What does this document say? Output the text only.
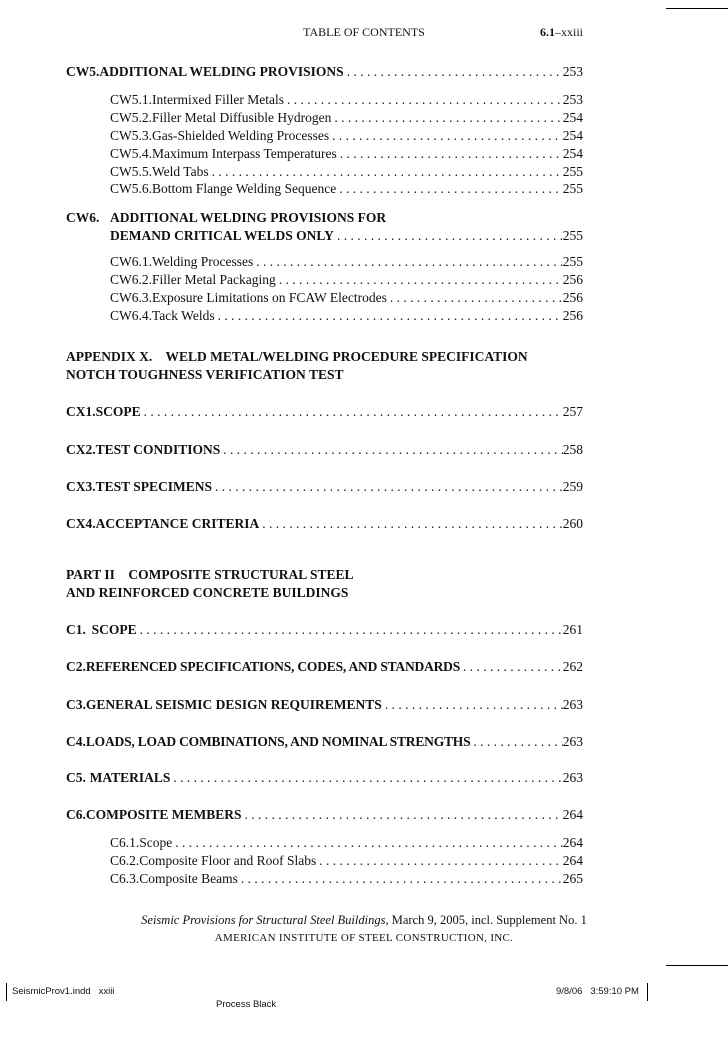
TABLE OF CONTENTS	6.1–xxiii
CW5. ADDITIONAL WELDING PROVISIONS . . .	253
CW5.1. Intermixed Filler Metals . . .	253
CW5.2. Filler Metal Diffusible Hydrogen . . .	254
CW5.3. Gas-Shielded Welding Processes . . .	254
CW5.4. Maximum Interpass Temperatures . . .	254
CW5.5. Weld Tabs . . .	255
CW5.6. Bottom Flange Welding Sequence . . .	255
CW6. ADDITIONAL WELDING PROVISIONS FOR
DEMAND CRITICAL WELDS ONLY . . .	255
CW6.1. Welding Processes . . .	255
CW6.2. Filler Metal Packaging . . .	256
CW6.3. Exposure Limitations on FCAW Electrodes . . .	256
CW6.4. Tack Welds . . .	256
APPENDIX X.    WELD METAL/WELDING PROCEDURE SPECIFICATION
NOTCH TOUGHNESS VERIFICATION TEST
CX1. SCOPE . . .	257
CX2. TEST CONDITIONS . . .	258
CX3. TEST SPECIMENS . . .	259
CX4. ACCEPTANCE CRITERIA . . .	260
PART II    COMPOSITE STRUCTURAL STEEL
AND REINFORCED CONCRETE BUILDINGS
C1. SCOPE . . .	261
C2. REFERENCED SPECIFICATIONS, CODES, AND STANDARDS . . .	262
C3. GENERAL SEISMIC DESIGN REQUIREMENTS . . .	263
C4. LOADS, LOAD COMBINATIONS, AND NOMINAL STRENGTHS . . .	263
C5. MATERIALS . . .	263
C6. COMPOSITE MEMBERS . . .	264
C6.1. Scope . . .	264
C6.2. Composite Floor and Roof Slabs . . .	264
C6.3. Composite Beams . . .	265
Seismic Provisions for Structural Steel Buildings, March 9, 2005, incl. Supplement No. 1
AMERICAN INSTITUTE OF STEEL CONSTRUCTION, INC.
SeismicProv1.indd   xxiii	9/8/06   3:59:10 PM
Process Black
